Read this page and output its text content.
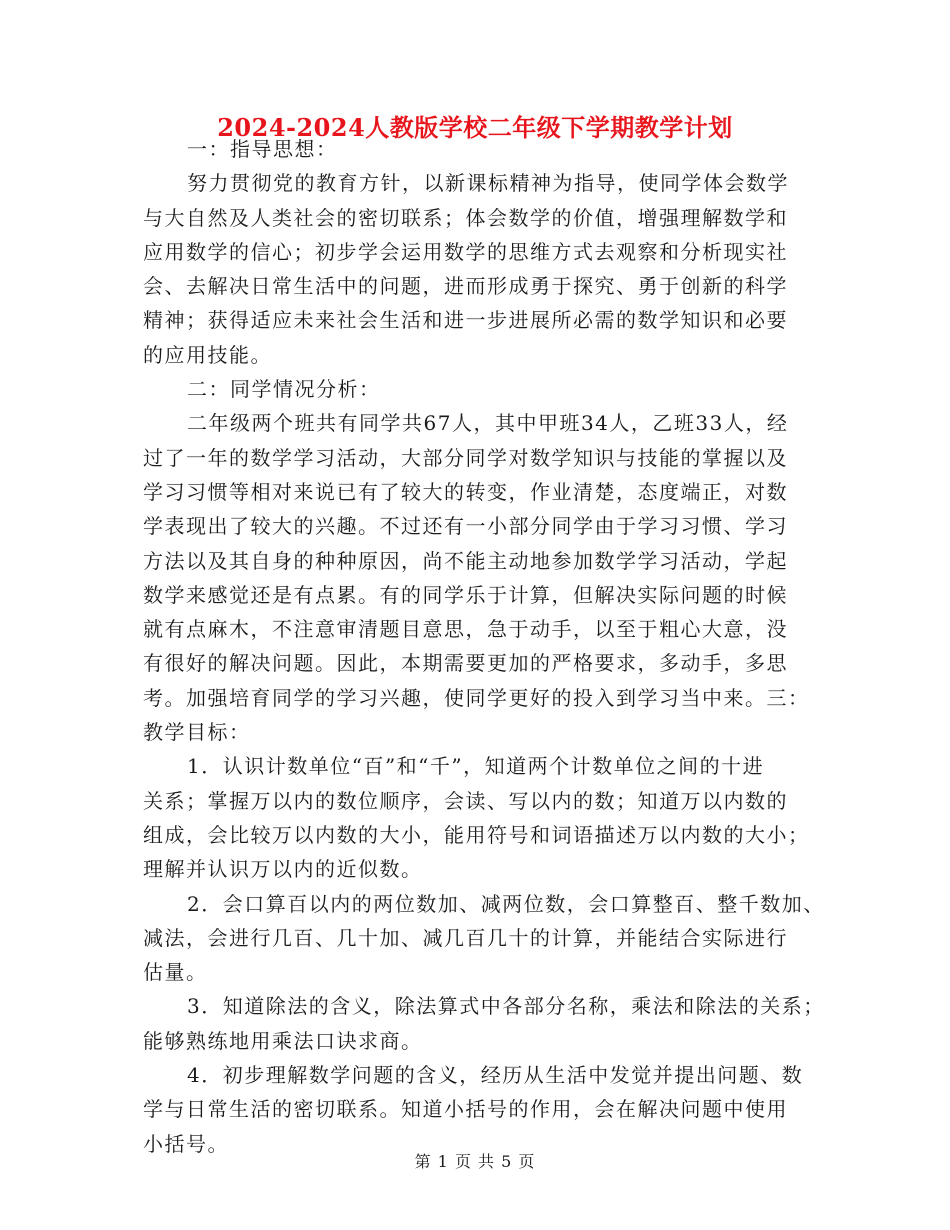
2024-2024人教版学校二年级下学期教学计划
一：指导思想：
努力贯彻党的教育方针，以新课标精神为指导，使同学体会数学
与大自然及人类社会的密切联系；体会数学的价值，增强理解数学和
应用数学的信心；初步学会运用数学的思维方式去观察和分析现实社
会、去解决日常生活中的问题，进而形成勇于探究、勇于创新的科学
精神；获得适应未来社会生活和进一步进展所必需的数学知识和必要
的应用技能。
二：同学情况分析：
二年级两个班共有同学共67人，其中甲班34人，乙班33人，经
过了一年的数学学习活动，大部分同学对数学知识与技能的掌握以及
学习习惯等相对来说已有了较大的转变，作业清楚，态度端正，对数
学表现出了较大的兴趣。不过还有一小部分同学由于学习习惯、学习
方法以及其自身的种种原因，尚不能主动地参加数学学习活动，学起
数学来感觉还是有点累。有的同学乐于计算，但解决实际问题的时候
就有点麻木，不注意审清题目意思，急于动手，以至于粗心大意，没
有很好的解决问题。因此，本期需要更加的严格要求，多动手，多思
考。加强培育同学的学习兴趣，使同学更好的投入到学习当中来。三：
教学目标：
1．认识计数单位“百”和“千”，知道两个计数单位之间的十进
关系；掌握万以内的数位顺序，会读、写以内的数；知道万以内数的
组成，会比较万以内数的大小，能用符号和词语描述万以内数的大小；
理解并认识万以内的近似数。
2．会口算百以内的两位数加、减两位数，会口算整百、整千数加、
减法，会进行几百、几十加、减几百几十的计算，并能结合实际进行
估量。
3．知道除法的含义，除法算式中各部分名称，乘法和除法的关系；
能够熟练地用乘法口诀求商。
4．初步理解数学问题的含义，经历从生活中发觉并提出问题、数
学与日常生活的密切联系。知道小括号的作用，会在解决问题中使用
小括号。
第 1 页 共 5 页
